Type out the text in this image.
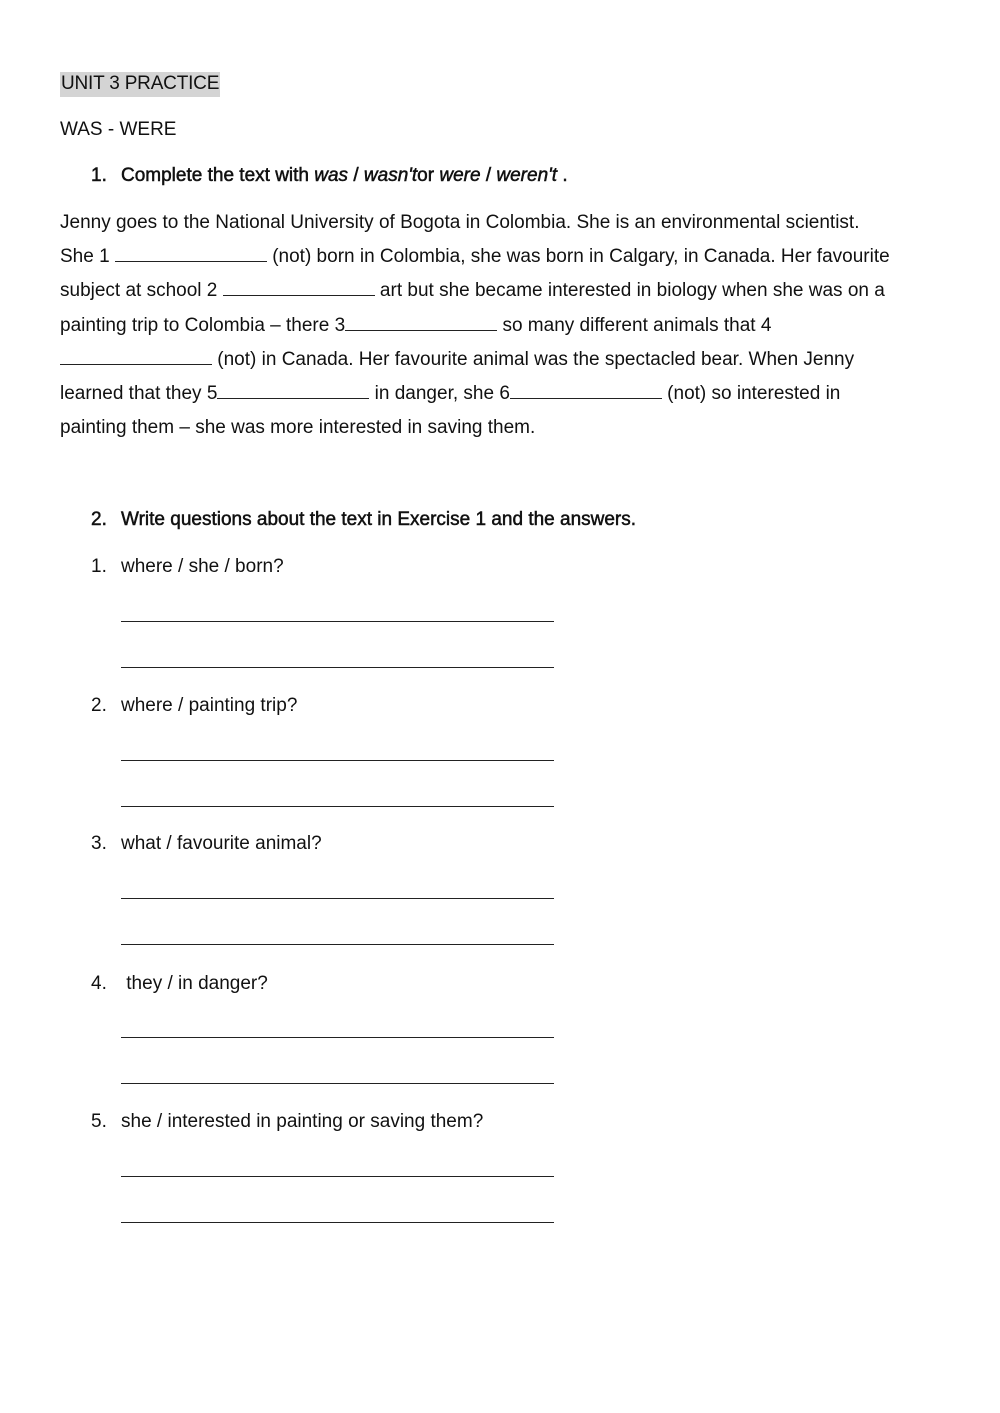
UNIT 3 PRACTICE
WAS - WERE
1. Complete the text with was / wasn'tor were / weren't .
Jenny goes to the National University of Bogota in Colombia. She is an environmental scientist.
She 1	(not) born in Colombia, she was born in Calgary, in Canada. Her favourite
subject at school 2	art but she became interested in biology when she was on a
painting trip to Colombia – there 3	so many different animals that 4
(not) in Canada. Her favourite animal was the spectacled bear. When Jenny
learned that they 5	in danger, she 6	(not) so interested in
painting them – she was more interested in saving them.
2. Write questions about the text in Exercise 1 and the answers.
1. where / she / born?
2. where / painting trip?
3. what / favourite animal?
4. they / in danger?
5. she / interested in painting or saving them?
